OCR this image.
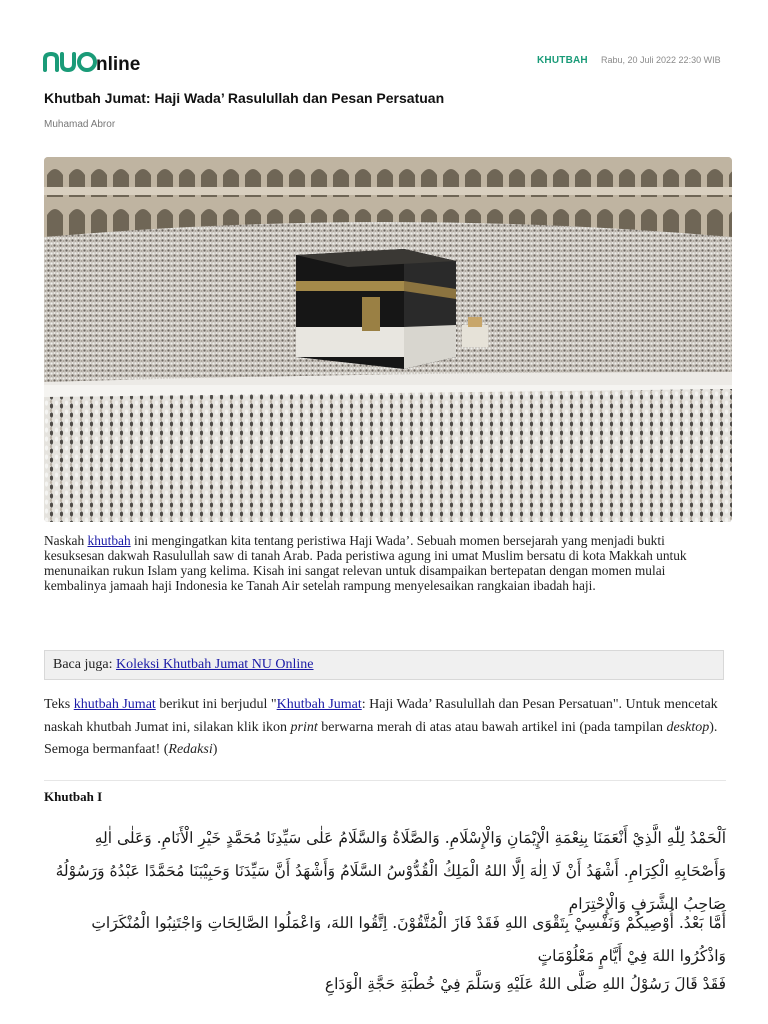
nline	KHUTBAH Rabu, 20 Juli 2022 22:30 WIB
Khutbah Jumat: Haji Wada’ Rasulullah dan Pesan Persatuan
Muhamad Abror

Naskah khutbah ini mengingatkan kita tentang peristiwa Haji Wada’. Sebuah momen bersejarah yang menjadi bukti kesuksesan dakwah Rasulullah saw di tanah Arab. Pada peristiwa agung ini umat Muslim bersatu di kota Makkah untuk menunaikan rukun Islam yang kelima. Kisah ini sangat relevan untuk disampaikan bertepatan dengan momen mulai kembalinya jamaah haji Indonesia ke Tanah Air setelah rampung menyelesaikan rangkaian ibadah haji.

Baca juga: Koleksi Khutbah Jumat NU Online

Teks khutbah Jumat berikut ini berjudul "Khutbah Jumat: Haji Wada’ Rasulullah dan Pesan Persatuan". Untuk mencetak naskah khutbah Jumat ini, silakan klik ikon print berwarna merah di atas atau bawah artikel ini (pada tampilan desktop). Semoga bermanfaat! (Redaksi)

Khutbah I
اَلْحَمْدُ لِلّٰهِ الَّذِيْ أَنْعَمَنَا بِنِعْمَةِ الْإِيْمَانِ وَالْإِسْلَامِ. وَالصَّلَاةُ وَالسَّلَامُ عَلٰى سَيِّدِنَا مُحَمَّدٍ خَيْرِ الْأَنَامِ. وَعَلٰى اٰلِهِ وَأَصْحَابِهِ الْكِرَامِ. أَشْهَدُ أَنْ لَا اِلٰهَ اِلَّا اللهُ الْمَلِكُ الْقُدُّوْسُ السَّلَامُ وَأَشْهَدُ أَنَّ سَيِّدَنَا وَحَبِيْبَنَا مُحَمَّدًا عَبْدُهُ وَرَسُوْلُهُ صَاحِبُ الشَّرَفِ وَالْإِحْتِرَامِ
أَمَّا بَعْدُ. أُوْصِيكُمْ وَنَفْسِيْ بِتَقْوَى اللهِ فَقَدْ فَازَ الْمُتَّقُوْنَ. اِتَّقُوا اللهَ، وَاعْمَلُوا الصَّالِحَاتِ وَاجْتَنِبُوا الْمُنْكَرَاتِ وَاذْكُرُوا اللهَ فِيْ أَيَّامٍ مَعْلُوْمَاتٍ
فَقَدْ قَالَ رَسُوْلُ اللهِ صَلَّى اللهُ عَلَيْهِ وَسَلَّمَ فِيْ خُطْبَةِ حَجَّةِ الْوَدَاعِ
